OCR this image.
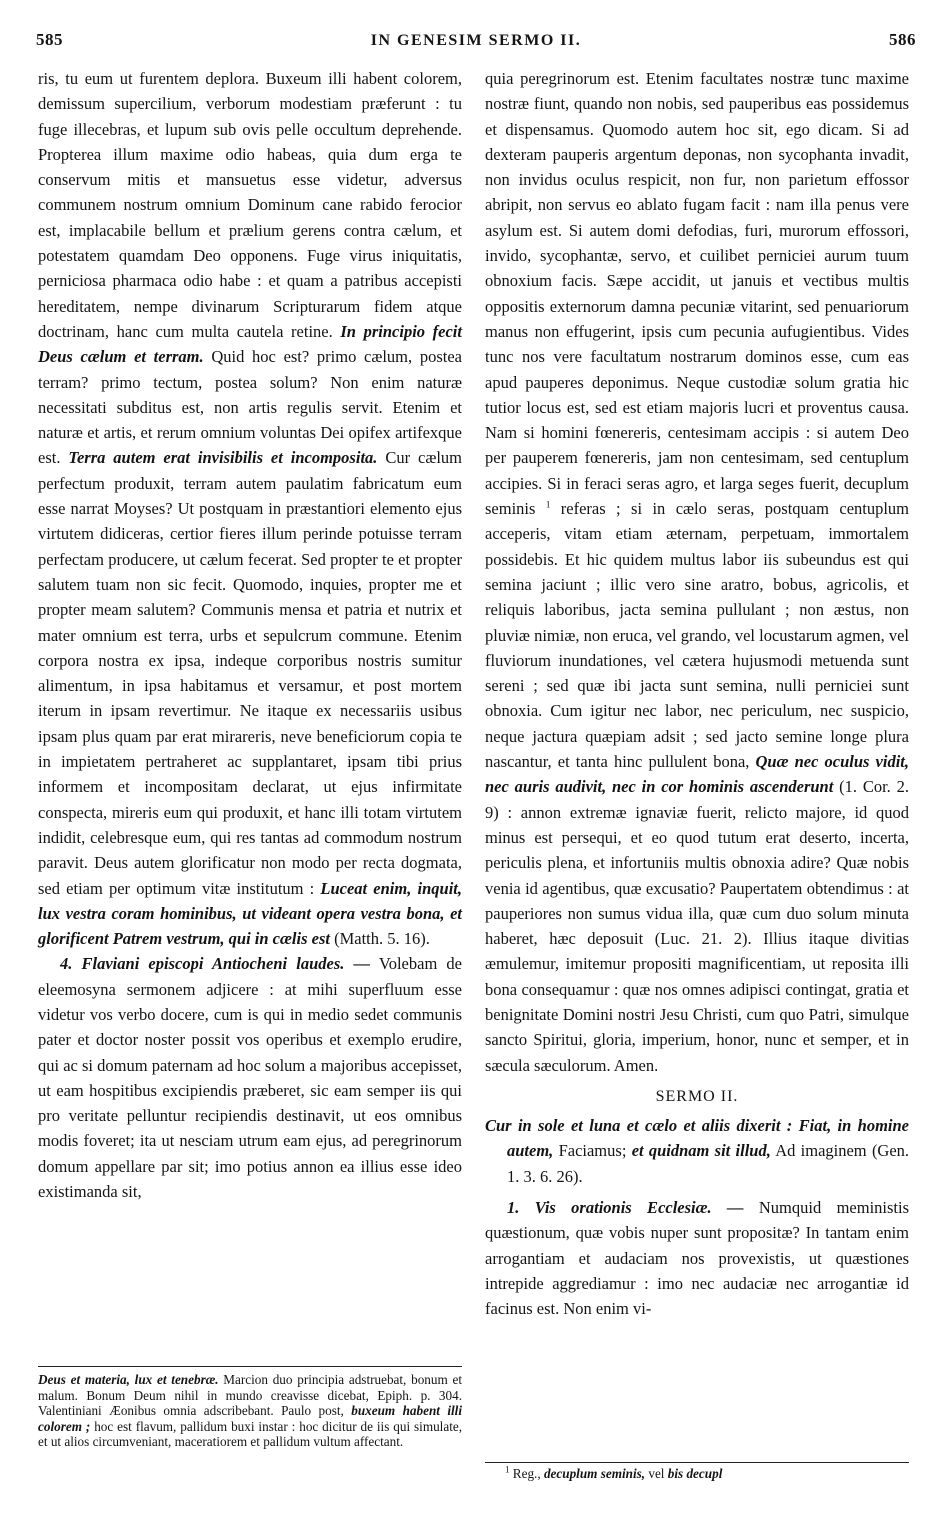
585	IN GENESIM SERMO II.	586

ris, tu eum ut furentem deplora. Buxeum illi habent colorem, demissum supercilium, verborum modestiam præferunt : tu fuge illecebras, et lupum sub ovis pelle occultum deprehende. Propterea illum maxime odio habeas, quia dum erga te conservum mitis et mansuetus esse videtur, adversus communem nostrum omnium Dominum cane rabido ferocior est, implacabile bellum et prælium gerens contra cælum, et potestatem quamdam Deo opponens. Fuge virus iniquitatis, perniciosa pharmaca odio habe : et quam a patribus accepisti hereditatem, nempe divinarum Scripturarum fidem atque doctrinam, hanc cum multa cautela retine. In principio fecit Deus cælum et terram. Quid hoc est? primo cælum, postea terram? primo tectum, postea solum? Non enim naturæ necessitati subditus est, non artis regulis servit. Etenim et naturæ et artis, et rerum omnium voluntas Dei opifex artifexque est. Terra autem erat invisibilis et incomposita. Cur cælum perfectum produxit, terram autem paulatim fabricatum eum esse narrat Moyses? Ut postquam in præstantiori elemento ejus virtutem didiceras, certior fieres illum perinde potuisse terram perfectam producere, ut cælum fecerat. Sed propter te et propter salutem tuam non sic fecit. Quomodo, inquies, propter me et propter meam salutem? Communis mensa et patria et nutrix et mater omnium est terra, urbs et sepulcrum commune. Etenim corpora nostra ex ipsa, indeque corporibus nostris sumitur alimentum, in ipsa habitamus et versamur, et post mortem iterum in ipsam revertimur. Ne itaque ex necessariis usibus ipsam plus quam par erat mirareris, neve beneficiorum copia te in impietatem pertraheret ac supplantaret, ipsam tibi prius informem et incompositam declarat, ut ejus infirmitate conspecta, mireris eum qui produxit, et hanc illi totam virtutem indidit, celebresque eum, qui res tantas ad commodum nostrum paravit. Deus autem glorificatur non modo per recta dogmata, sed etiam per optimum vitæ institutum : Luceat enim, inquit, lux vestra coram hominibus, ut videant opera vestra bona, et glorificent Patrem vestrum, qui in cælis est (Matth. 5. 16).

4. Flaviani episcopi Antiocheni laudes. — Volebam de eleemosyna sermonem adjicere : at mihi superfluum esse videtur vos verbo docere, cum is qui in medio sedet communis pater et doctor noster possit vos operibus et exemplo erudire, qui ac si domum paternam ad hoc solum a majoribus accepisset, ut eam hospitibus excipiendis præberet, sic eam semper iis qui pro veritate pelluntur recipiendis destinavit, ut eos omnibus modis foveret; ita ut nesciam utrum eam ejus, ad peregrinorum domum appellare par sit; imo potius annon ea illius esse ideo existimanda sit,

Deus et materia, lux et tenebræ. Marcion duo principia adstruebat, bonum et malum. Bonum Deum nihil in mundo creavisse dicebat, Epiph. p. 304. Valentiniani Æonibus omnia adscribebant. Paulo post, buxeum habent illi colorem ; hoc est flavum, pallidum buxi instar : hoc dicitur de iis qui simulate, et ut alios circumveniant, maceratiorem et pallidum vultum affectant.

quia peregrinorum est. Etenim facultates nostræ tunc maxime nostræ fiunt, quando non nobis, sed pauperibus eas possidemus et dispensamus. Quomodo autem hoc sit, ego dicam. Si ad dexteram pauperis argentum deponas, non sycophanta invadit, non invidus oculus respicit, non fur, non parietum effossor abripit, non servus eo ablato fugam facit : nam illa penus vere asylum est. Si autem domi defodias, furi, murorum effossori, invido, sycophantæ, servo, et cuilibet perniciei aurum tuum obnoxium facis. Sæpe accidit, ut januis et vectibus multis oppositis externorum damna pecuniæ vitarint, sed penuariorum manus non effugerint, ipsis cum pecunia aufugientibus. Vides tunc nos vere facultatum nostrarum dominos esse, cum eas apud pauperes deponimus. Neque custodiæ solum gratia hic tutior locus est, sed est etiam majoris lucri et proventus causa. Nam si homini fœnereris, centesimam accipis : si autem Deo per pauperem fœnereris, jam non centesimam, sed centuplum accipies. Si in feraci seras agro, et larga seges fuerit, decuplum seminis $^1$ referas ; si in cælo seras, postquam centuplum acceperis, vitam etiam æternam, perpetuam, immortalem possidebis. Et hic quidem multus labor iis subeundus est qui semina jaciunt ; illic vero sine aratro, bobus, agricolis, et reliquis laboribus, jacta semina pullulant ; non æstus, non pluviæ nimiæ, non eruca, vel grando, vel locustarum agmen, vel fluviorum inundationes, vel cætera hujusmodi metuenda sunt sereni ; sed quæ ibi jacta sunt semina, nulli perniciei sunt obnoxia. Cum igitur nec labor, nec periculum, nec suspicio, neque jactura quæpiam adsit ; sed jacto semine longe plura nascantur, et tanta hinc pullulent bona, Quæ nec oculus vidit, nec auris audivit, nec in cor hominis ascenderunt (1. Cor. 2. 9) : annon extremæ ignaviæ fuerit, relicto majore, id quod minus est persequi, et eo quod tutum erat deserto, incerta, periculis plena, et infortuniis multis obnoxia adire? Quæ nobis venia id agentibus, quæ excusatio? Paupertatem obtendimus : at pauperiores non sumus vidua illa, quæ cum duo solum minuta haberet, hæc deposuit (Luc. 21. 2). Illius itaque divitias æmulemur, imitemur propositi magnificentiam, ut reposita illi bona consequamur : quæ nos omnes adipisci contingat, gratia et benignitate Domini nostri Jesu Christi, cum quo Patri, simulque sancto Spiritui, gloria, imperium, honor, nunc et semper, et in sæcula sæculorum. Amen.

SERMO II.

Cur in sole et luna et cælo et aliis dixerit : Fiat, in homine autem, Faciamus; et quidnam sit illud, Ad imaginem (Gen. 1. 3. 6. 26).

1. Vis orationis Ecclesiæ. — Numquid meministis quæstionum, quæ vobis nuper sunt propositæ? In tantam enim arrogantiam et audaciam nos provexistis, ut quæstiones intrepide aggrediamur : imo nec audaciæ nec arrogantiæ id facinus est. Non enim vi-

$^1$ Reg., decuplum seminis, vel bis decupl
